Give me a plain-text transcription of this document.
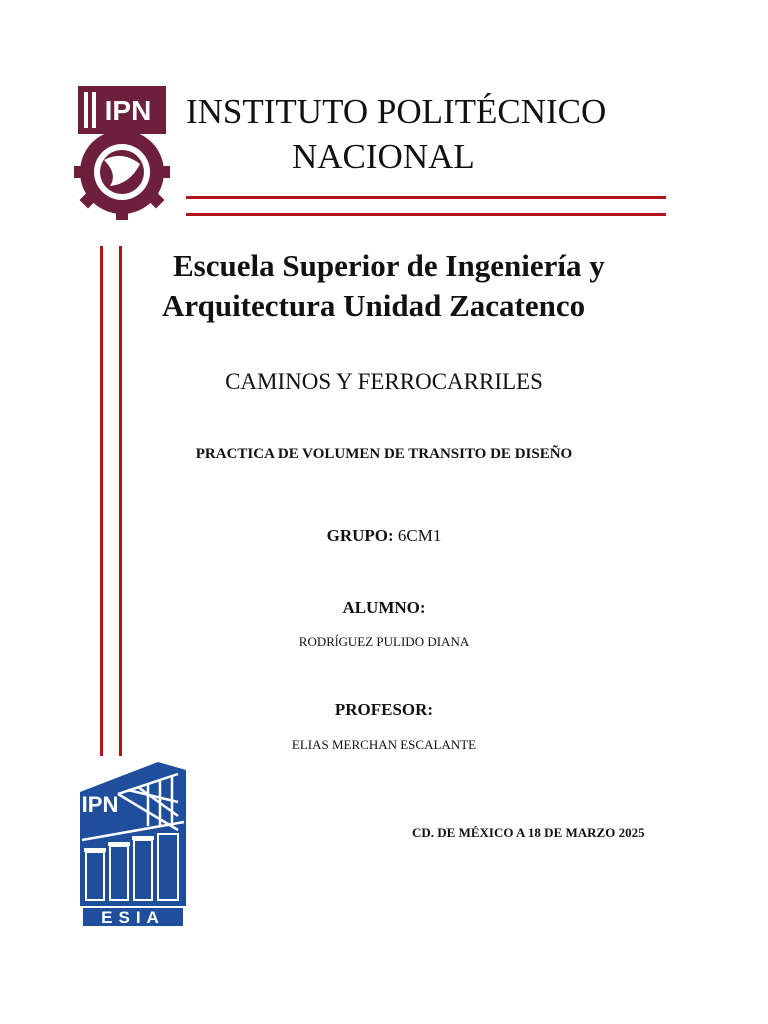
IPN INSTITUTO POLITÉCNICO
NACIONAL
Escuela Superior de Ingeniería y
Arquitectura Unidad Zacatenco
CAMINOS Y FERROCARRILES
PRACTICA DE VOLUMEN DE TRANSITO DE DISEÑO
GRUPO: 6CM1
ALUMNO:
RODRĺGUEZ PULIDO DIANA
PROFESOR:
ELIAS MERCHAN ESCALANTE
CD. DE MÉXICO A 18 DE MARZO 2025
IPN
ESIA
